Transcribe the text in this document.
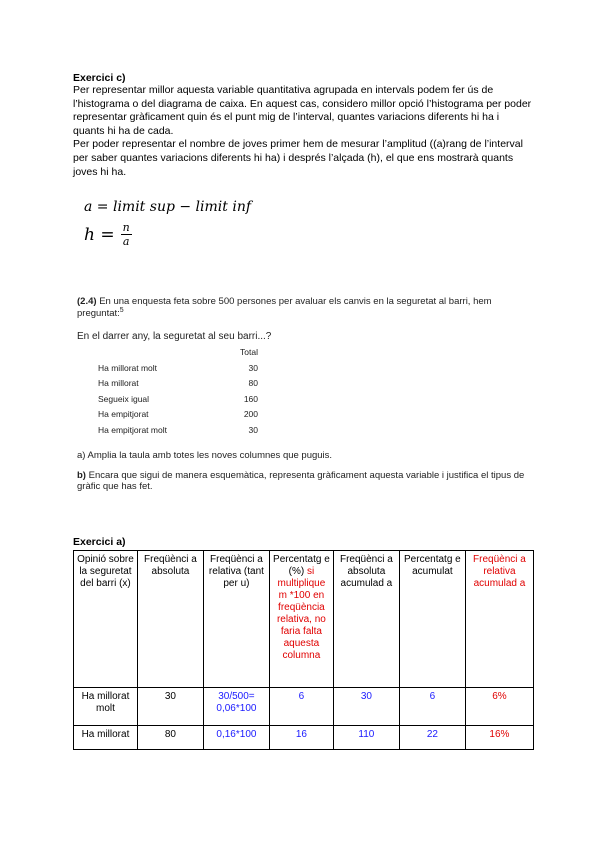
Exercici c)

Per representar millor aquesta variable quantitativa agrupada en intervals podem fer ús de l’histograma o del diagrama de caixa. En aquest cas, considero millor opció l’histograma per poder representar gràficament quin és el punt mig de l’interval, quantes variacions diferents hi ha i quants hi ha de cada.

Per poder representar el nombre de joves primer hem de mesurar l’amplitud ((a)rang de l’interval per saber quantes variacions diferents hi ha) i després l’alçada (h), el que ens mostrarà quants joves hi ha.

a = limit sup − limit inf
$h = \frac{n}{a}$
(2.4) En una enquesta feta sobre 500 persones per avaluar els canvis en la seguretat al barri, hem preguntat:$^5$
En el darrer any, la seguretat al seu barri...?
Total
Ha millorat molt	30
Ha millorat	80
Segueix igual	160
Ha empitjorat	200
Ha empitjorat molt	30
a) Amplia la taula amb totes les noves columnes que puguis.
b) Encara que sigui de manera esquemàtica, representa gràficament aquesta variable i justifica el tipus de gràfic que has fet.
Exercici a)
Opinió sobre la seguretat del barri (x)	Freqüènci a absoluta	Freqüènci a relativa (tant per u)	Percentatg e (%) si multiplique m *100 en freqüència relativa, no faria falta aquesta columna	Freqüènci a absoluta acumulad a	Percentatg e acumulat	Freqüènci a relativa acumulad a
Ha millorat molt	30	30/500= 0,06*100	6	30	6	6%
Ha millorat	80	0,16*100	16	110	22	16%
